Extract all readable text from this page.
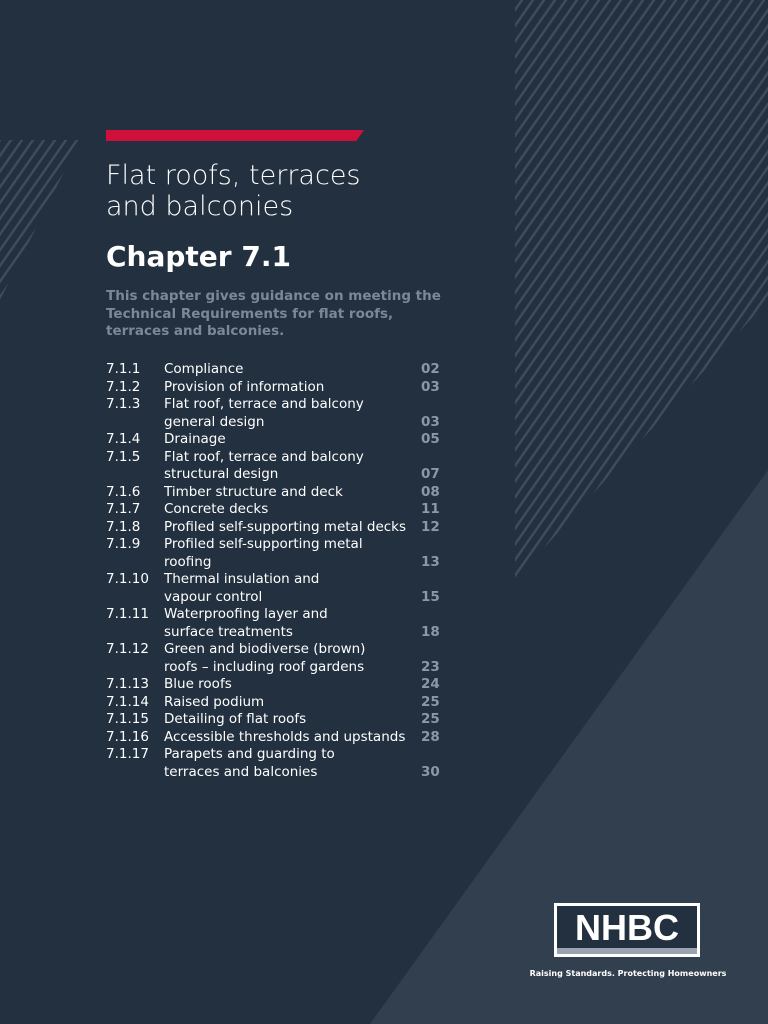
Flat roofs, terraces
and balconies
Chapter 7.1
This chapter gives guidance on meeting the Technical Requirements for flat roofs, terraces and balconies.
7.1.1	Compliance	02
7.1.2	Provision of information	03
7.1.3	Flat roof, terrace and balcony
general design	03
7.1.4	Drainage	05
7.1.5	Flat roof, terrace and balcony
structural design	07
7.1.6	Timber structure and deck	08
7.1.7	Concrete decks	11
7.1.8	Profiled self-supporting metal decks	12
7.1.9	Profiled self-supporting metal
roofing	13
7.1.10	Thermal insulation and
vapour control	15
7.1.11	Waterproofing layer and
surface treatments	18
7.1.12	Green and biodiverse (brown)
roofs – including roof gardens	23
7.1.13	Blue roofs	24
7.1.14	Raised podium	25
7.1.15	Detailing of flat roofs	25
7.1.16	Accessible thresholds and upstands	28
7.1.17	Parapets and guarding to
terraces and balconies	30
NHBC
Raising Standards. Protecting Homeowners
